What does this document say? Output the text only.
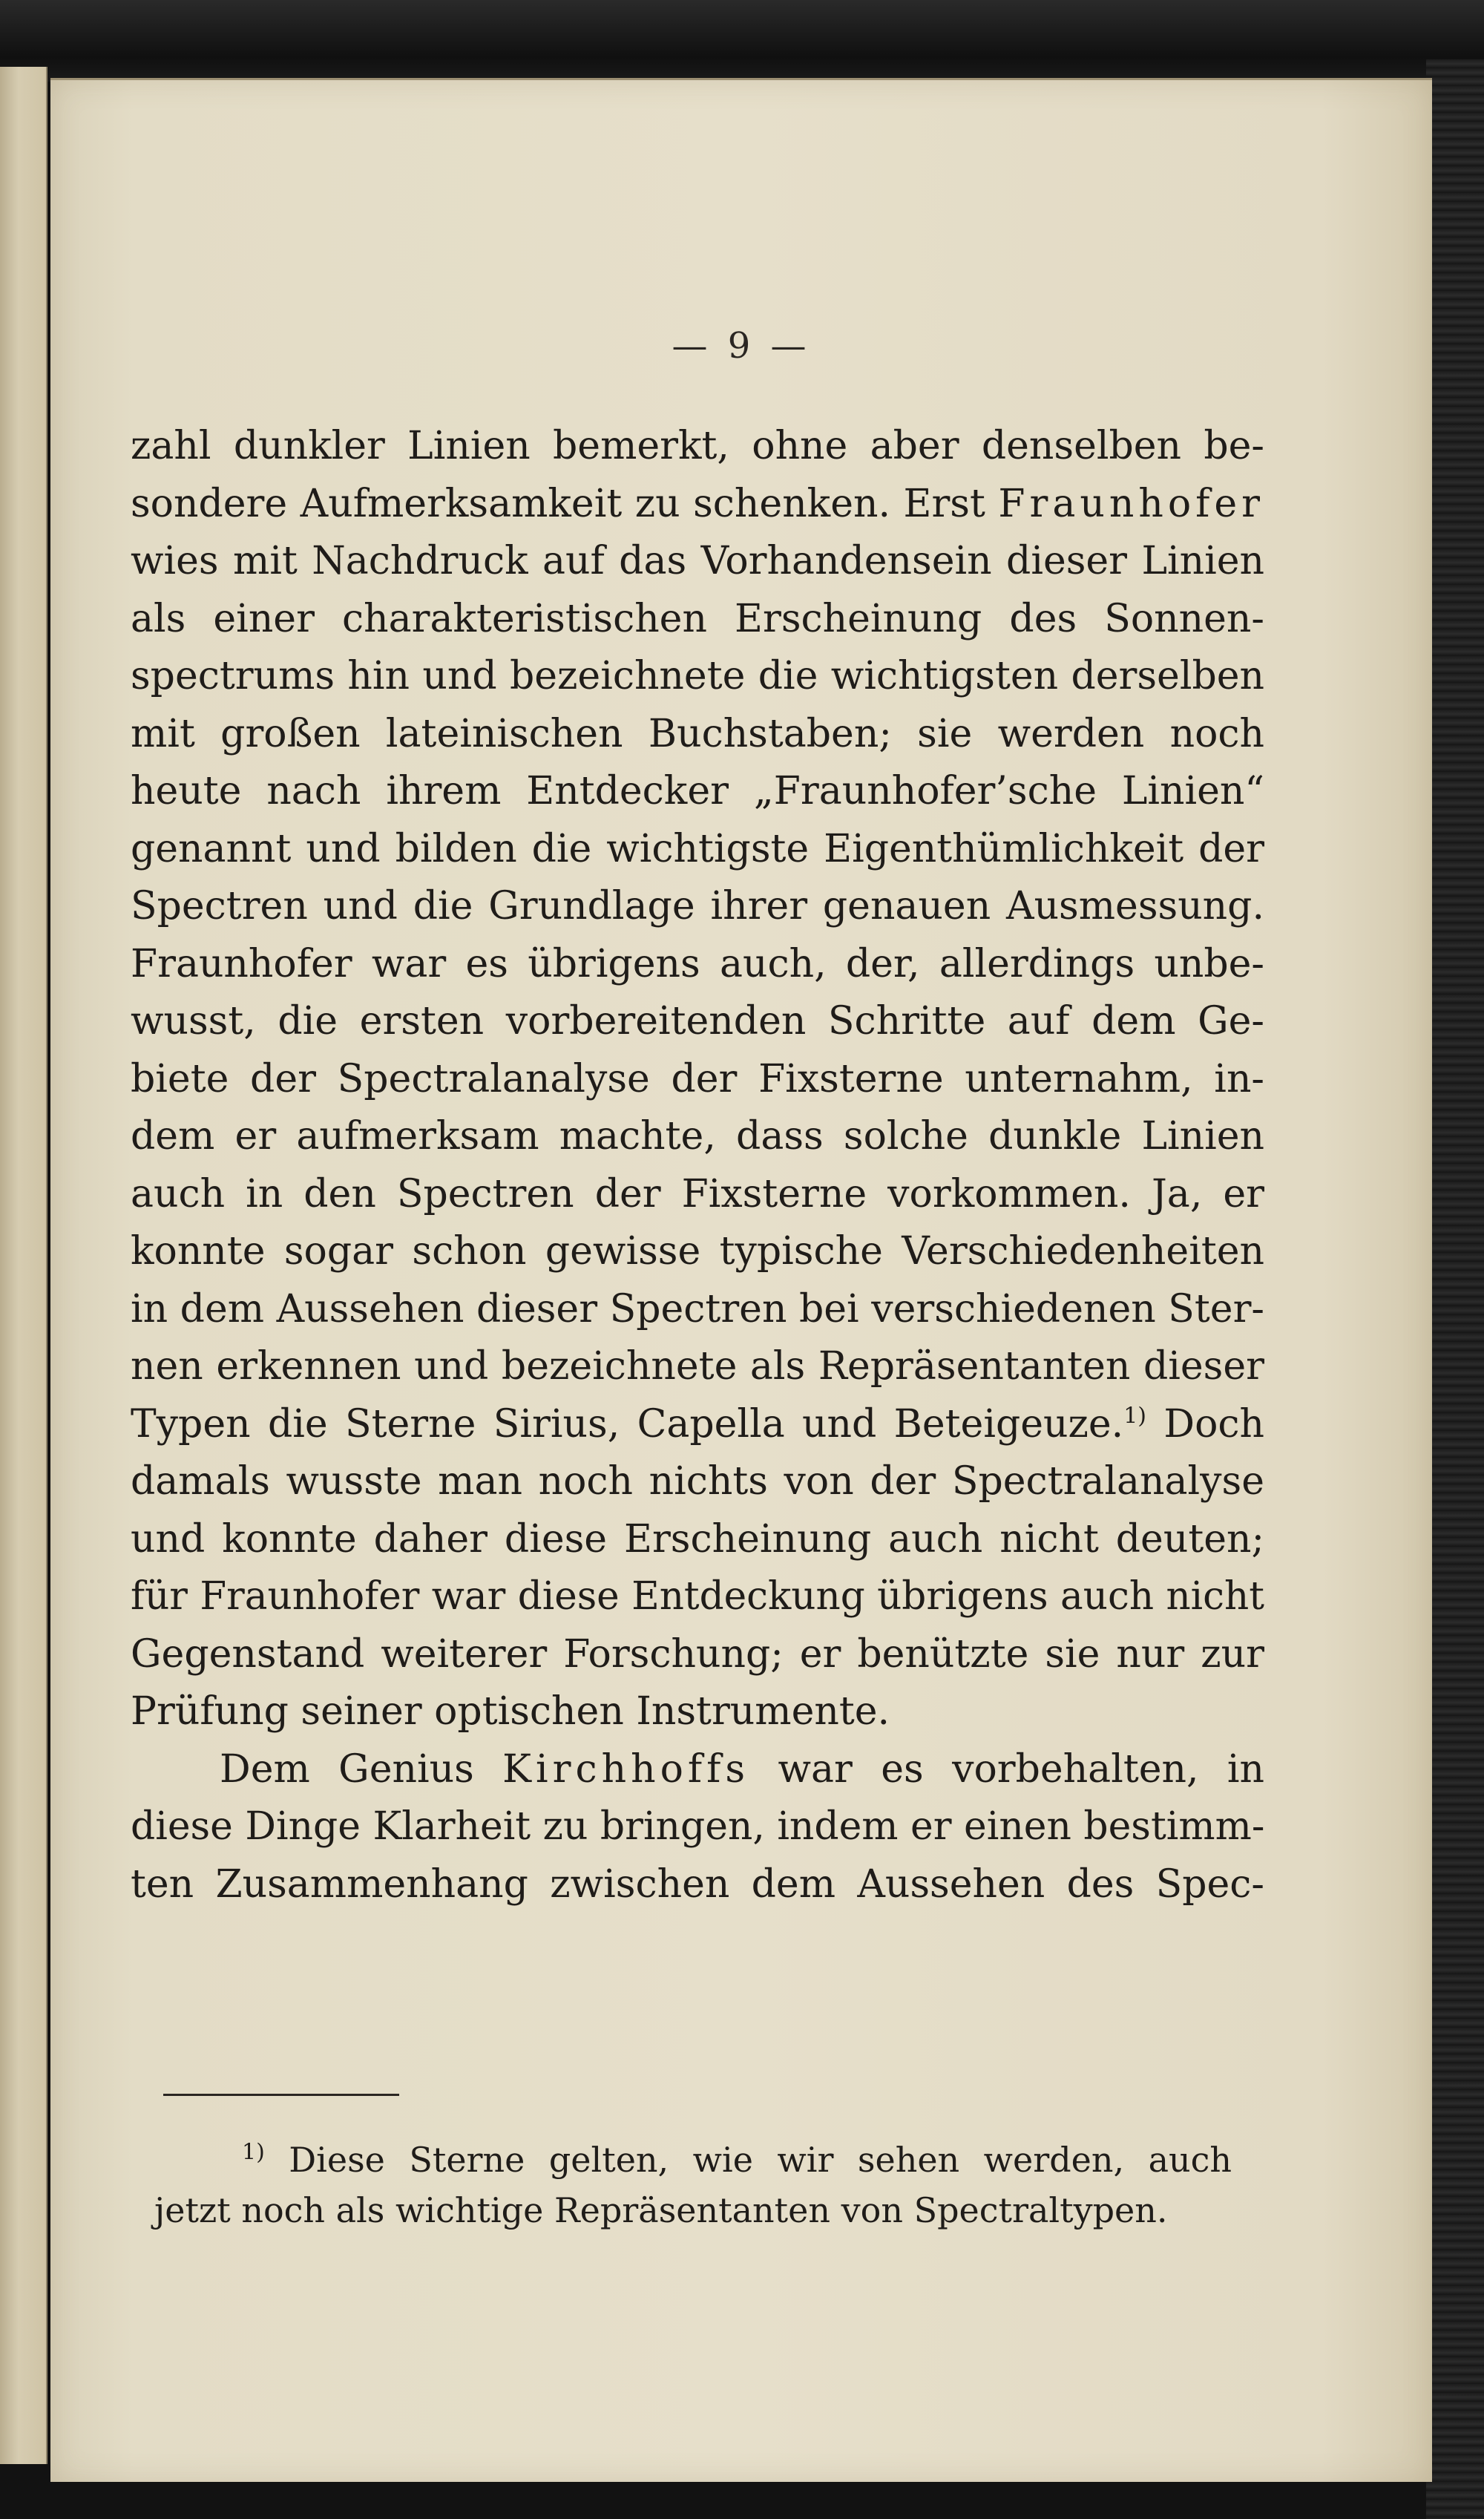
— 9 —
zahl dunkler Linien bemerkt, ohne aber denselben be-
sondere Aufmerksamkeit zu schenken. Erst Fraunhofer
wies mit Nachdruck auf das Vorhandensein dieser Linien
als einer charakteristischen Erscheinung des Sonnen-
spectrums hin und bezeichnete die wichtigsten derselben
mit großen lateinischen Buchstaben; sie werden noch
heute nach ihrem Entdecker „Fraunhofer’sche Linien“
genannt und bilden die wichtigste Eigenthümlichkeit der
Spectren und die Grundlage ihrer genauen Ausmessung.
Fraunhofer war es übrigens auch, der, allerdings unbe-
wusst, die ersten vorbereitenden Schritte auf dem Ge-
biete der Spectralanalyse der Fixsterne unternahm, in-
dem er aufmerksam machte, dass solche dunkle Linien
auch in den Spectren der Fixsterne vorkommen. Ja, er
konnte sogar schon gewisse typische Verschiedenheiten
in dem Aussehen dieser Spectren bei verschiedenen Ster-
nen erkennen und bezeichnete als Repräsentanten dieser
Typen die Sterne Sirius, Capella und Beteigeuze.$^{1)}$ Doch
damals wusste man noch nichts von der Spectralanalyse
und konnte daher diese Erscheinung auch nicht deuten;
für Fraunhofer war diese Entdeckung übrigens auch nicht
Gegenstand weiterer Forschung; er benützte sie nur zur
Prüfung seiner optischen Instrumente.
Dem Genius Kirchhoffs war es vorbehalten, in
diese Dinge Klarheit zu bringen, indem er einen bestimm-
ten Zusammenhang zwischen dem Aussehen des Spec-
$^{1)}$ Diese Sterne gelten, wie wir sehen werden, auch
jetzt noch als wichtige Repräsentanten von Spectraltypen.
